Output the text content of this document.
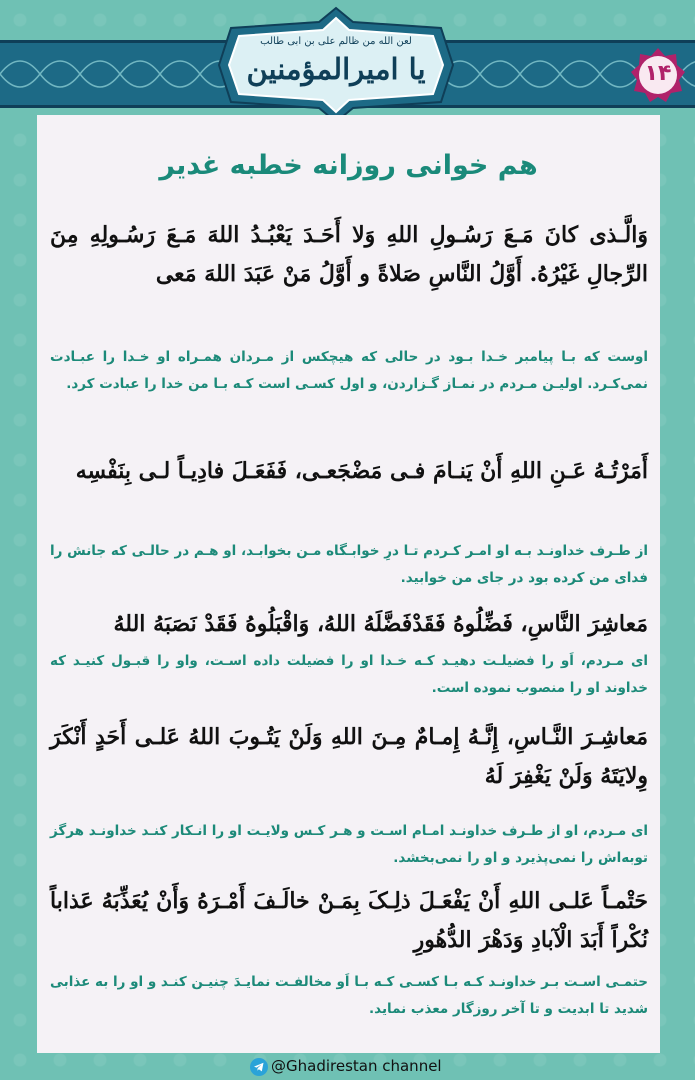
لعن الله من ظالم علی بن ابی طالب
یا امیرالمؤمنین	۱۴
هم خوانی روزانه خطبه غدیر
وَالَّـذی کانَ مَـعَ رَسُـولِ اللهِ وَلا أَحَـدَ یَعْبُـدُ اللهَ مَـعَ رَسُـولِهِ مِنَ الرِّجالِ غَیْرُهُ. أَوَّلُ النَّاسِ صَلاةً و أَوَّلُ مَنْ عَبَدَ اللهَ مَعی
اوست که بـا پیامبر خـدا بـود در حالی که هیچکس از مـردان همـراه او خـدا را عبـادت نمی‌کـرد. اولیـن مـردم در نمـاز گـزاردن، و اول کسـی است کـه بـا من خدا را عبادت کرد.
أَمَرْتُـهُ عَـنِ اللهِ أَنْ یَنـامَ فـی مَضْجَعـی، فَفَعَـلَ فادِیـاً لـی بِنَفْسِه
از طـرف خداونـد بـه او امـر کـردم تـا درِ خوابـگاه مـن بخوابـد، او هـم در حالـی که جانش را فدای من کرده بود در جای من خوابید.
مَعاشِرَ النَّاسِ، فَضِّلُوهُ فَقَدْفَضَّلَهُ اللهُ، وَاقْبَلُوهُ فَقَدْ نَصَبَهُ اللهُ
ای مـردم، اَو را فضیلـت دهیـد کـه خـدا او را فضیلت داده اسـت، واو را قبـول کنیـد که خداوند او را منصوب نموده است.
مَعاشِـرَ النَّـاسِ، إِنَّـهُ إِمـامٌ مِـنَ اللهِ وَلَنْ یَتُـوبَ اللهُ عَلـی أَحَدٍ أَنْکَرَ وِلایَتَهُ وَلَنْ یَغْفِرَ لَهُ
ای مـردم، او از طـرف خداونـد امـام اسـت و هـر کـس ولایـت او را انـکار کنـد خداونـد هرگز توبه‌اش را نمی‌پذیرد و او را نمی‌بخشد.
حَتْمـاً عَلـی اللهِ أَنْ یَفْعَـلَ ذلِـکَ بِمَـنْ خالَـفَ أَمْـرَهُ وَأَنْ یُعَذِّبَهُ عَذاباً نُکْراً أَبَدَ الْآبادِ وَدَهْرَ الدُّهُورِ
حتمـی اسـت بـر خداونـد کـه بـا کسـی کـه بـا اَو مخالفـت نمایـدَ چنیـن کنـد و او را به عذابی شدید تا ابدیت و تا آخر روزگار معذب نماید.
@Ghadirestan channel
